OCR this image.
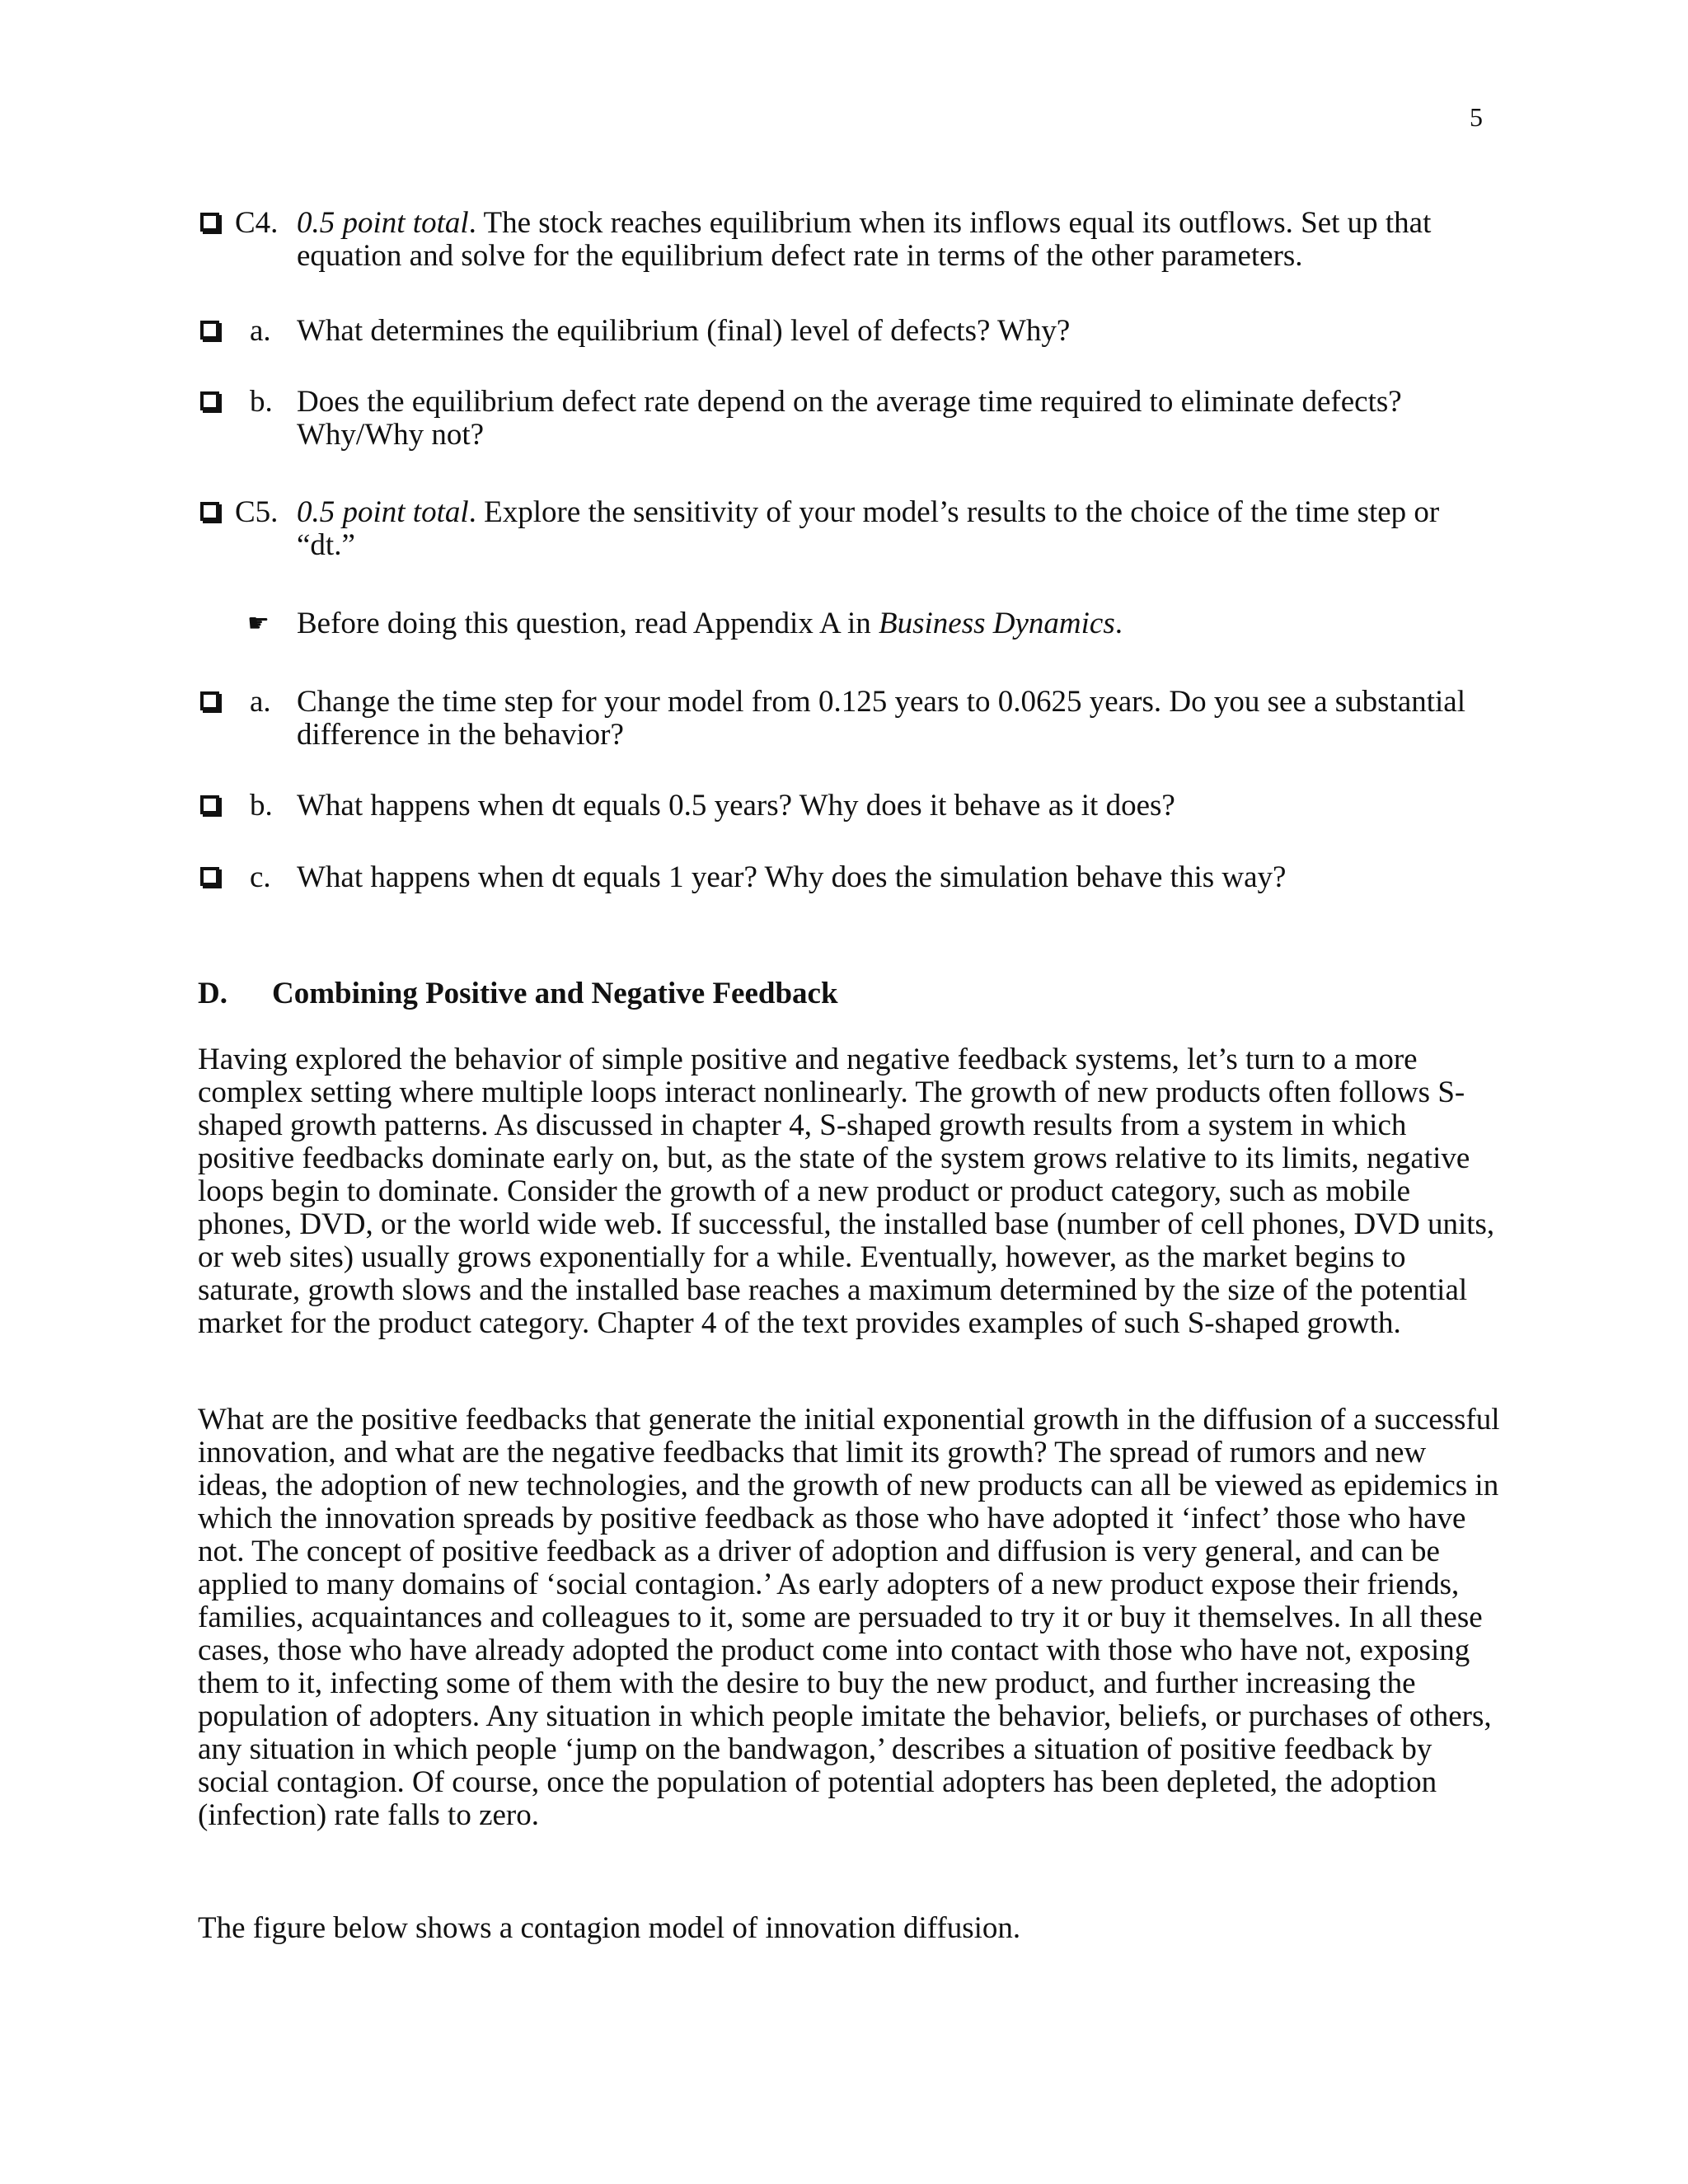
5
C4. 0.5 point total. The stock reaches equilibrium when its inflows equal its outflows. Set up that equation and solve for the equilibrium defect rate in terms of the other parameters.
a. What determines the equilibrium (final) level of defects? Why?
b. Does the equilibrium defect rate depend on the average time required to eliminate defects? Why/Why not?
C5. 0.5 point total. Explore the sensitivity of your model’s results to the choice of the time step or “dt.”
☛ Before doing this question, read Appendix A in Business Dynamics.
a. Change the time step for your model from 0.125 years to 0.0625 years. Do you see a substantial difference in the behavior?
b. What happens when dt equals 0.5 years? Why does it behave as it does?
c. What happens when dt equals 1 year? Why does the simulation behave this way?
D. Combining Positive and Negative Feedback
Having explored the behavior of simple positive and negative feedback systems, let’s turn to a more complex setting where multiple loops interact nonlinearly. The growth of new products often follows S-shaped growth patterns. As discussed in chapter 4, S-shaped growth results from a system in which positive feedbacks dominate early on, but, as the state of the system grows relative to its limits, negative loops begin to dominate. Consider the growth of a new product or product category, such as mobile phones, DVD, or the world wide web. If successful, the installed base (number of cell phones, DVD units, or web sites) usually grows exponentially for a while. Eventually, however, as the market begins to saturate, growth slows and the installed base reaches a maximum determined by the size of the potential market for the product category. Chapter 4 of the text provides examples of such S-shaped growth.
What are the positive feedbacks that generate the initial exponential growth in the diffusion of a successful innovation, and what are the negative feedbacks that limit its growth? The spread of rumors and new ideas, the adoption of new technologies, and the growth of new products can all be viewed as epidemics in which the innovation spreads by positive feedback as those who have adopted it ‘infect’ those who have not. The concept of positive feedback as a driver of adoption and diffusion is very general, and can be applied to many domains of ‘social contagion.’ As early adopters of a new product expose their friends, families, acquaintances and colleagues to it, some are persuaded to try it or buy it themselves. In all these cases, those who have already adopted the product come into contact with those who have not, exposing them to it, infecting some of them with the desire to buy the new product, and further increasing the population of adopters. Any situation in which people imitate the behavior, beliefs, or purchases of others, any situation in which people ‘jump on the bandwagon,’ describes a situation of positive feedback by social contagion. Of course, once the population of potential adopters has been depleted, the adoption (infection) rate falls to zero.
The figure below shows a contagion model of innovation diffusion.
